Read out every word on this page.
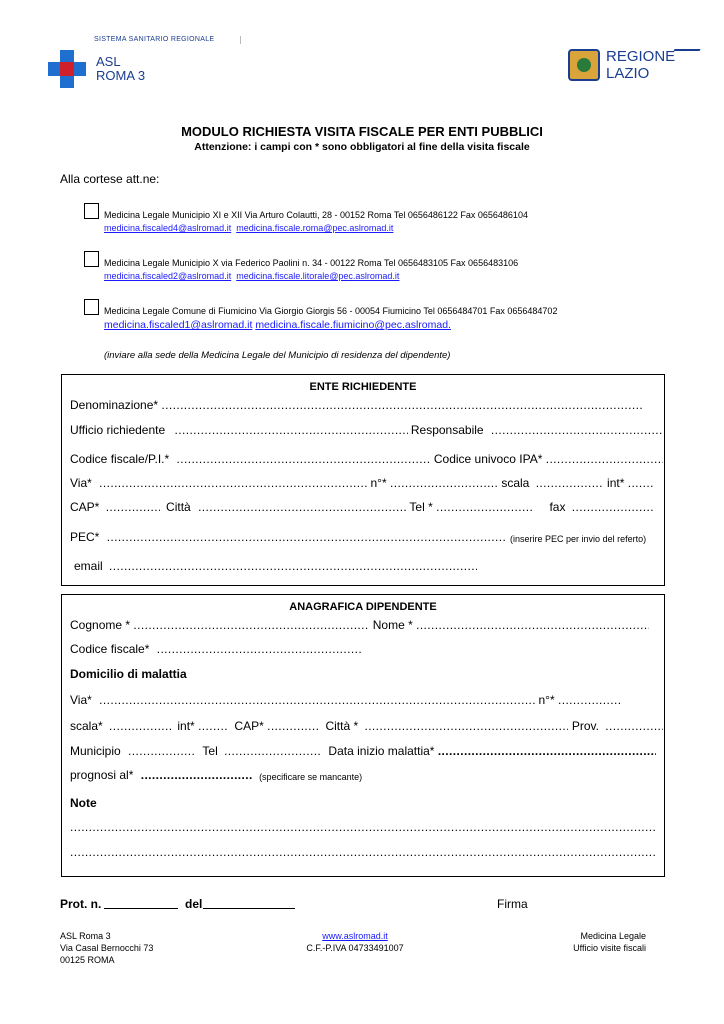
SISTEMA SANITARIO REGIONALE
ASL
ROMA 3
REGIONE
LAZIO
MODULO RICHIESTA VISITA FISCALE PER ENTI PUBBLICI
Attenzione: i campi con * sono obbligatori al fine della visita fiscale
Alla cortese att.ne:
Medicina Legale Municipio XI e XII Via Arturo Colautti, 28 - 00152 Roma Tel 0656486122 Fax 0656486104
medicina.fiscaled4@aslromad.it medicina.fiscale.roma@pec.aslromad.it
Medicina Legale Municipio X via Federico Paolini n. 34 - 00122 Roma Tel 0656483105 Fax 0656483106
medicina.fiscaled2@aslromad.it medicina.fiscale.litorale@pec.aslromad.it
Medicina Legale Comune di Fiumicino Via Giorgio Giorgis 56 - 00054 Fiumicino Tel 0656484701 Fax 0656484702
medicina.fiscaled1@aslromad.it medicina.fiscale.fiumicino@pec.aslromad.
(inviare alla sede della Medicina Legale del Municipio di residenza del dipendente)
ENTE RICHIEDENTE
Denominazione* .....
Ufficio richiedente .....	Responsabile .....
Codice fiscale/P.I.* .....	Codice univoco IPA* .....
Via* .....	n°* .....	scala .....	int* .....
CAP* .....	Città .....	Tel * .....	fax .....
PEC* .....	(inserire PEC per invio del referto)
email .....
ANAGRAFICA DIPENDENTE
Cognome * .....	Nome * .....
Codice fiscale* .....
Domicilio di malattia
Via* .....	n°* .....
scala* .....	int* .....	CAP* .....	Città * .....	Prov. .....
Municipio .....	Tel .....	Data inizio malattia* .....
prognosi al* .....	(specificare se mancante)
Note
.....
.....
Prot. n.	del	Firma
ASL Roma 3
Via Casal Bernocchi 73
00125 ROMA
www.aslromad.it
C.F.-P.IVA 04733491007
Medicina Legale
Ufficio visite fiscali
